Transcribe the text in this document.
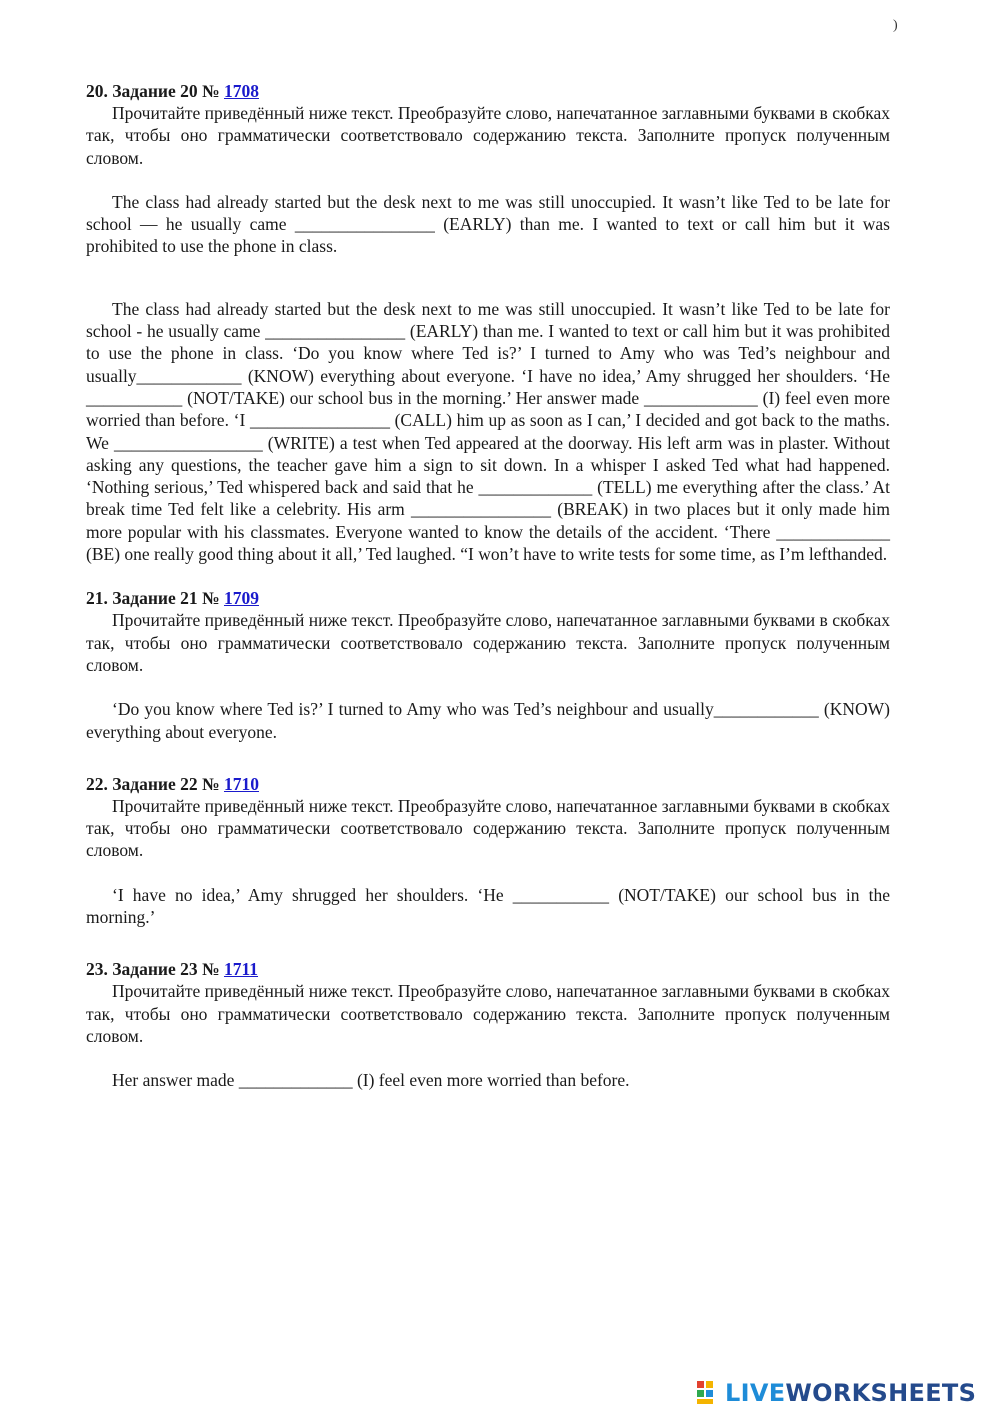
)

20. Задание 20 № 1708

Прочитайте приведённый ниже текст. Преобразуйте слово, напечатанное заглавными буквами в скобках так, чтобы оно грамматически соответствовало содержанию текста. Заполните пропуск полученным словом.

The class had already started but the desk next to me was still unoccupied. It wasn’t like Ted to be late for school — he usually came ________________ (EARLY) than me. I wanted to text or call him but it was prohibited to use the phone in class.

The class had already started but the desk next to me was still unoccupied. It wasn’t like Ted to be late for school - he usually came ________________ (EARLY) than me. I wanted to text or call him but it was prohibited to use the phone in class. ‘Do you know where Ted is?’ I turned to Amy who was Ted’s neighbour and usually____________ (KNOW) everything about everyone. ‘I have no idea,’ Amy shrugged her shoulders. ‘He ___________ (NOT/TAKE) our school bus in the morning.’ Her answer made _____________ (I) feel even more worried than before. ‘I ________________ (CALL) him up as soon as I can,’ I decided and got back to the maths. We _________________ (WRITE) a test when Ted appeared at the doorway. His left arm was in plaster. Without asking any questions, the teacher gave him a sign to sit down. In a whisper I asked Ted what had happened. ‘Nothing serious,’ Ted whispered back and said that he _____________ (TELL) me everything after the class.’ At break time Ted felt like a celebrity. His arm ________________ (BREAK) in two places but it only made him more popular with his classmates. Everyone wanted to know the details of the accident. ‘There _____________ (BE) one really good thing about it all,’ Ted laughed. “I won’t have to write tests for some time, as I’m lefthanded.

21. Задание 21 № 1709

Прочитайте приведённый ниже текст. Преобразуйте слово, напечатанное заглавными буквами в скобках так, чтобы оно грамматически соответствовало содержанию текста. Заполните пропуск полученным словом.

‘Do you know where Ted is?’ I turned to Amy who was Ted’s neighbour and usually____________ (KNOW) everything about everyone.

22. Задание 22 № 1710

Прочитайте приведённый ниже текст. Преобразуйте слово, напечатанное заглавными буквами в скобках так, чтобы оно грамматически соответствовало содержанию текста. Заполните пропуск полученным словом.

‘I have no idea,’ Amy shrugged her shoulders. ‘He ___________ (NOT/TAKE) our school bus in the morning.’

23. Задание 23 № 1711

Прочитайте приведённый ниже текст. Преобразуйте слово, напечатанное заглавными буквами в скобках так, чтобы оно грамматически соответствовало содержанию текста. Заполните пропуск полученным словом.

Her answer made _____________ (I) feel even more worried than before.

LIVEWORKSHEETS
